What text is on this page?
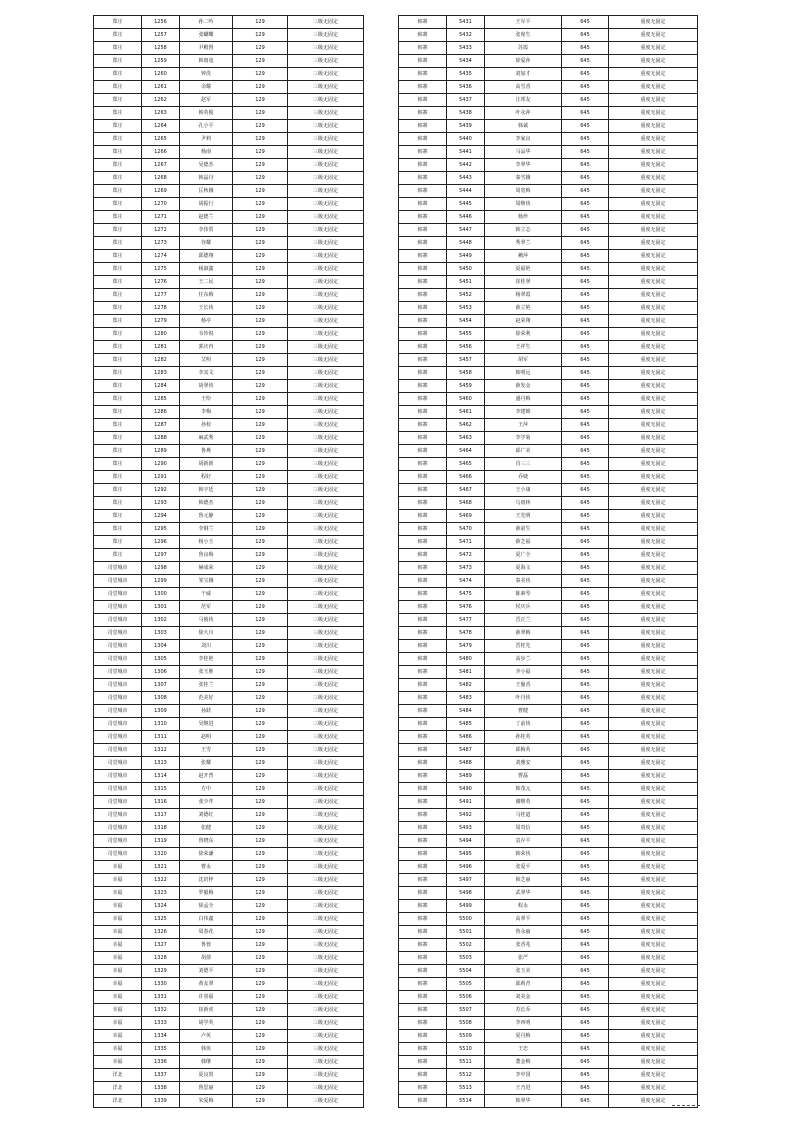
郑庄	1256	孙二吟	129	三级无固定
郑庄	1257	张蝴蝶	129	三级无固定
郑庄	1258	尹殿督	129	三级无固定
郑庄	1259	韩雨竜	129	三级无固定
郑庄	1260	钟洗	129	三级无固定
郑庄	1261	余耀	129	三级无固定
郑庄	1262	赵军	129	三级无固定
郑庄	1263	韩英俊	129	三级无固定
郑庄	1264	孔小平	129	三级无固定
郑庄	1265	尹莉	129	三级无固定
郑庄	1266	杨南	129	三级无固定
郑庄	1267	吴德杰	129	三级无固定
郑庄	1268	韩晶丹	129	三级无固定
郑庄	1269	匡秋娥	129	三级无固定
郑庄	1270	胡振行	129	三级无固定
郑庄	1271	赵德兰	129	三级无固定
郑庄	1272	李伟贺	129	三级无固定
郑庄	1273	谷耀	129	三级无固定
郑庄	1274	邱德翔	129	三级无固定
郑庄	1275	杨淑鑫	129	三级无固定
郑庄	1276	王二民	129	三级无固定
郑庄	1277	任东梅	129	三级无固定
郑庄	1278	王长侠	129	三级无固定
郑庄	1279	杨亭	129	三级无固定
郑庄	1280	韦钞锐	129	三级无固定
郑庄	1281	郭庆冉	129	三级无固定
郑庄	1282	艾明	129	三级无固定
郑庄	1283	李其文	129	三级无固定
郑庄	1284	胡翠侠	129	三级无固定
郑庄	1285	王纷	129	三级无固定
郑庄	1286	李梅	129	三级无固定
郑庄	1287	孙校	129	三级无固定
郑庄	1288	麻武秀	129	三级无固定
郑庄	1289	鲁燕	129	三级无固定
郑庄	1290	胡新新	129	三级无固定
郑庄	1291	程好	129	三级无固定
郑庄	1292	韩宇廷	129	三级无固定
郑庄	1293	韩德杰	129	三级无固定
郑庄	1294	鲁元静	129	三级无固定
郑庄	1295	李钢兰	129	三级无固定
郑庄	1296	杨小玉	129	三级无固定
郑庄	1297	鲁良梅	129	三级无固定
司堂城市	1298	赫成荣	129	三级无固定
司堂城市	1299	邹宝娥	129	三级无固定
司堂城市	1300	干威	129	三级无固定
司堂城市	1301	范军	129	三级无固定
司堂城市	1302	马俊侠	129	三级无固定
司堂城市	1303	徐大川	129	三级无固定
司堂城市	1304	刘川	129	三级无固定
司堂城市	1305	李桂艳	129	三级无固定
司堂城市	1306	张玉胜	129	三级无固定
司堂城市	1307	张桂兰	129	三级无固定
司堂城市	1308	范美好	129	三级无固定
司堂城市	1309	孙跃	129	三级无固定
司堂城市	1310	吴继进	129	三级无固定
司堂城市	1311	赵明	129	三级无固定
司堂城市	1312	王雪	129	三级无固定
司堂城市	1313	张耀	129	三级无固定
司堂城市	1314	赵开普	129	三级无固定
司堂城市	1315	方中	129	三级无固定
司堂城市	1316	张少芹	129	三级无固定
司堂城市	1317	刘德红	129	三级无固定
司堂城市	1318	张健	129	三级无固定
司堂城市	1319	鲁晓东	129	三级无固定
司堂城市	1320	徐荣谦	129	三级无固定
幸福	1321	曹永	129	三级无固定
幸福	1322	沈培梓	129	三级无固定
幸福	1323	罗毅梅	129	三级无固定
幸福	1324	徐孟全	129	三级无固定
幸福	1325	白伟鑫	129	三级无固定
幸福	1326	周春花	129	三级无固定
幸福	1327	鲁蓉	129	三级无固定
幸福	1328	胡倩	129	三级无固定
幸福	1329	刘德平	129	三级无固定
幸福	1330	黄友翠	129	三级无固定
幸福	1331	许喜福	129	三级无固定
幸福	1332	崔新虎	129	三级无固定
幸福	1333	胡学英	129	三级无固定
幸福	1334	卢英	129	三级无固定
幸福	1335	韩侠	129	三级无固定
幸福	1336	韩继	129	三级无固定
洋北	1337	夏良贺	129	三级无固定
洋北	1338	鲁思丽	129	三级无固定
洋北	1339	朱爱梅	129	三级无固定
韩寨	5431	王军平	645	重度无固定
韩寨	5432	张席生	645	重度无固定
韩寨	5433	苏霞	645	重度无固定
韩寨	5434	徐爱萍	645	重度无固定
韩寨	5435	刘加才	645	重度无固定
韩寨	5436	高雪香	645	重度无固定
韩寨	5437	汪邦友	645	重度无固定
韩寨	5438	叶永萍	645	重度无固定
韩寨	5439	韩诚	645	重度无固定
韩寨	5440	李家良	645	重度无固定
韩寨	5441	马品华	645	重度无固定
韩寨	5442	李翠华	645	重度无固定
韩寨	5443	秦雪娥	645	重度无固定
韩寨	5444	周宽梅	645	重度无固定
韩寨	5445	周继侠	645	重度无固定
韩寨	5446	杨珍	645	重度无固定
韩寨	5447	韩立志	645	重度无固定
韩寨	5448	秀翠兰	645	重度无固定
韩寨	5449	赖萍	645	重度无固定
韩寨	5450	夏福艳	645	重度无固定
韩寨	5451	崔桂翠	645	重度无固定
韩寨	5452	杨翠霞	645	重度无固定
韩寨	5453	薛立艳	645	重度无固定
韩寨	5454	赵荣翔	645	重度无固定
韩寨	5455	徐荣利	645	重度无固定
韩寨	5456	王祥生	645	重度无固定
韩寨	5457	胡军	645	重度无固定
韩寨	5458	韩明远	645	重度无固定
韩寨	5459	薛发金	645	重度无固定
韩寨	5460	盛丹梅	645	重度无固定
韩寨	5461	李建锦	645	重度无固定
韩寨	5462	王萍	645	重度无固定
韩寨	5463	李学菊	645	重度无固定
韩寨	5464	邱广美	645	重度无固定
韩寨	5465	肖三三	645	重度无固定
韩寨	5466	乔婕	645	重度无固定
韩寨	5467	王小康	645	重度无固定
韩寨	5468	乌雨林	645	重度无固定
韩寨	5469	王先明	645	重度无固定
韩寨	5470	薛前生	645	重度无固定
韩寨	5471	薛芝福	645	重度无固定
韩寨	5472	夏广全	645	重度无固定
韩寨	5473	夏海文	645	重度无固定
韩寨	5474	秦美侠	645	重度无固定
韩寨	5475	陈素琴	645	重度无固定
韩寨	5476	侯庆兵	645	重度无固定
韩寨	5477	晋正兰	645	重度无固定
韩寨	5478	薛翠梅	645	重度无固定
韩寨	5479	晋桂先	645	重度无固定
韩寨	5480	高步兰	645	重度无固定
韩寨	5481	齐小福	645	重度无固定
韩寨	5482	王葡香	645	重度无固定
韩寨	5483	叶丹侠	645	重度无固定
韩寨	5484	曹健	645	重度无固定
韩寨	5485	丁前侠	645	重度无固定
韩寨	5486	孙桂英	645	重度无固定
韩寨	5487	邱梅英	645	重度无固定
韩寨	5488	刘雅安	645	重度无固定
韩寨	5489	曹磊	645	重度无固定
韩寨	5490	韩茂元	645	重度无固定
韩寨	5491	谢继英	645	重度无固定
韩寨	5492	马桂道	645	重度无固定
韩寨	5493	周贵信	645	重度无固定
韩寨	5494	袁存平	645	重度无固定
韩寨	5495	韩荣侠	645	重度无固定
韩寨	5496	张爱平	645	重度无固定
韩寨	5497	韩芝丽	645	重度无固定
韩寨	5498	武翠华	645	重度无固定
韩寨	5499	程永	645	重度无固定
韩寨	5500	高翠平	645	重度无固定
韩寨	5501	鲁永丽	645	重度无固定
韩寨	5502	张香兆	645	重度无固定
韩寨	5503	张严	645	重度无固定
韩寨	5504	张玉美	645	重度无固定
韩寨	5505	邱莉青	645	重度无固定
韩寨	5506	刘美金	645	重度无固定
韩寨	5507	苏长乔	645	重度无固定
韩寨	5508	李西明	645	重度无固定
韩寨	5509	夏丹梅	645	重度无固定
韩寨	5510	王忠	645	重度无固定
韩寨	5511	董金梅	645	重度无固定
韩寨	5512	李中国	645	重度无固定
韩寨	5513	王乃进	645	重度无固定
韩寨	5514	韩翠华	645	重度无固定
